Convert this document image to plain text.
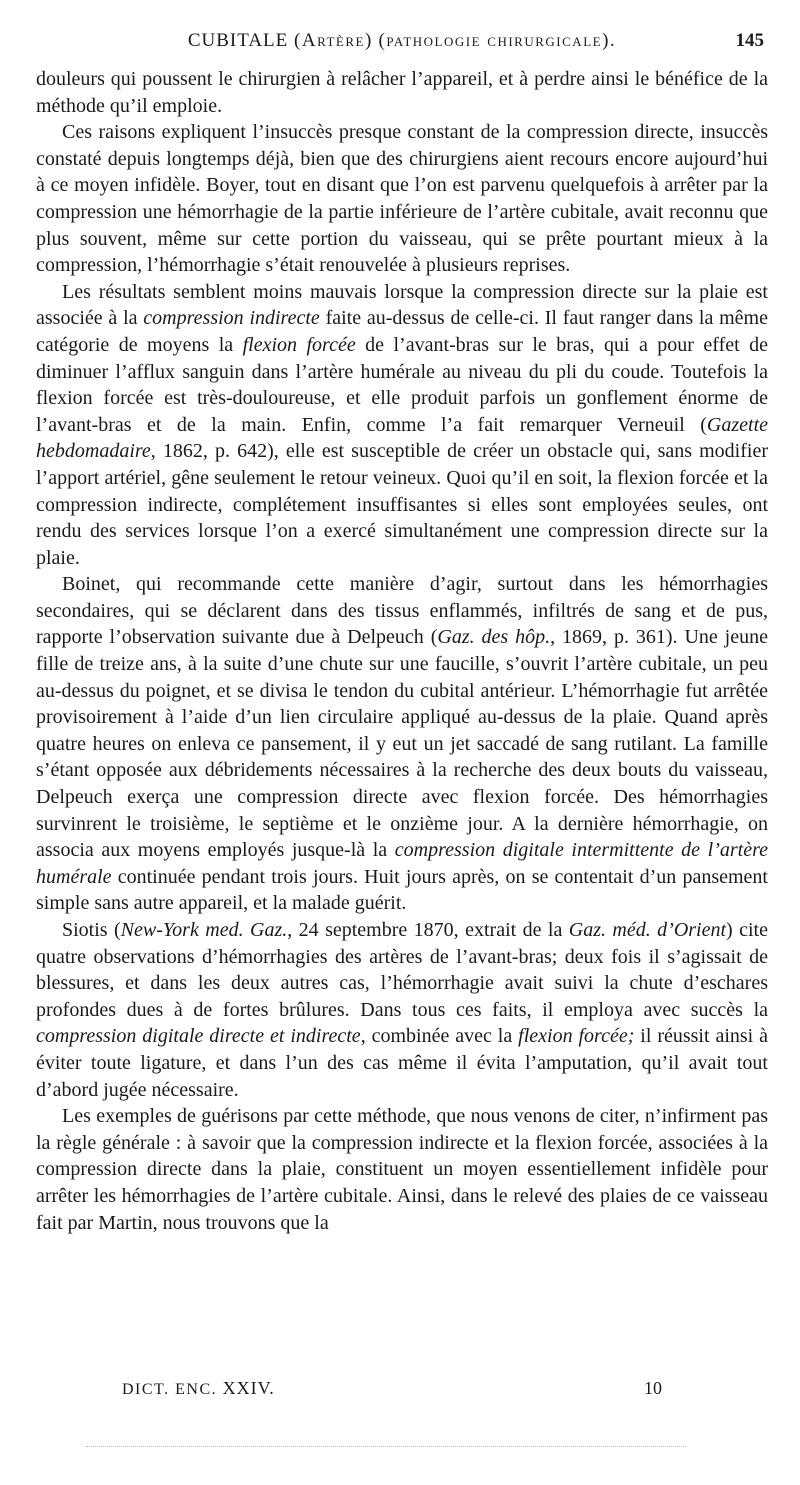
CUBITALE (Artère) (pathologie chirurgicale).	145

douleurs qui poussent le chirurgien à relâcher l’appareil, et à perdre ainsi le bénéfice de la méthode qu’il emploie.

Ces raisons expliquent l’insuccès presque constant de la compression directe, insuccès constaté depuis longtemps déjà, bien que des chirurgiens aient recours encore aujourd’hui à ce moyen infidèle. Boyer, tout en disant que l’on est parvenu quelquefois à arrêter par la compression une hémorrhagie de la partie inférieure de l’artère cubitale, avait reconnu que plus souvent, même sur cette portion du vaisseau, qui se prête pourtant mieux à la compression, l’hémorrhagie s’était renouvelée à plusieurs reprises.

Les résultats semblent moins mauvais lorsque la compression directe sur la plaie est associée à la compression indirecte faite au-dessus de celle-ci. Il faut ranger dans la même catégorie de moyens la flexion forcée de l’avant-bras sur le bras, qui a pour effet de diminuer l’afflux sanguin dans l’artère humérale au niveau du pli du coude. Toutefois la flexion forcée est très-douloureuse, et elle produit parfois un gonflement énorme de l’avant-bras et de la main. Enfin, comme l’a fait remarquer Verneuil (Gazette hebdomadaire, 1862, p. 642), elle est susceptible de créer un obstacle qui, sans modifier l’apport artériel, gêne seulement le retour veineux. Quoi qu’il en soit, la flexion forcée et la compression indirecte, complétement insuffisantes si elles sont employées seules, ont rendu des services lorsque l’on a exercé simultanément une compression directe sur la plaie.

Boinet, qui recommande cette manière d’agir, surtout dans les hémorrhagies secondaires, qui se déclarent dans des tissus enflammés, infiltrés de sang et de pus, rapporte l’observation suivante due à Delpeuch (Gaz. des hôp., 1869, p. 361). Une jeune fille de treize ans, à la suite d’une chute sur une faucille, s’ouvrit l’artère cubitale, un peu au-dessus du poignet, et se divisa le tendon du cubital antérieur. L’hémorrhagie fut arrêtée provisoirement à l’aide d’un lien circulaire appliqué au-dessus de la plaie. Quand après quatre heures on enleva ce pansement, il y eut un jet saccadé de sang rutilant. La famille s’étant opposée aux débridements nécessaires à la recherche des deux bouts du vaisseau, Delpeuch exerça une compression directe avec flexion forcée. Des hémorrhagies survinrent le troisième, le septième et le onzième jour. A la dernière hémorrhagie, on associa aux moyens employés jusque-là la compression digitale intermittente de l’artère humérale continuée pendant trois jours. Huit jours après, on se contentait d’un pansement simple sans autre appareil, et la malade guérit.

Siotis (New-York med. Gaz., 24 septembre 1870, extrait de la Gaz. méd. d’Orient) cite quatre observations d’hémorrhagies des artères de l’avant-bras; deux fois il s’agissait de blessures, et dans les deux autres cas, l’hémorrhagie avait suivi la chute d’eschares profondes dues à de fortes brûlures. Dans tous ces faits, il employa avec succès la compression digitale directe et indirecte, combinée avec la flexion forcée; il réussit ainsi à éviter toute ligature, et dans l’un des cas même il évita l’amputation, qu’il avait tout d’abord jugée nécessaire.

Les exemples de guérisons par cette méthode, que nous venons de citer, n’infirment pas la règle générale : à savoir que la compression indirecte et la flexion forcée, associées à la compression directe dans la plaie, constituent un moyen essentiellement infidèle pour arrêter les hémorrhagies de l’artère cubitale. Ainsi, dans le relevé des plaies de ce vaisseau fait par Martin, nous trouvons que la

DICT. ENC. XXIV.	10
